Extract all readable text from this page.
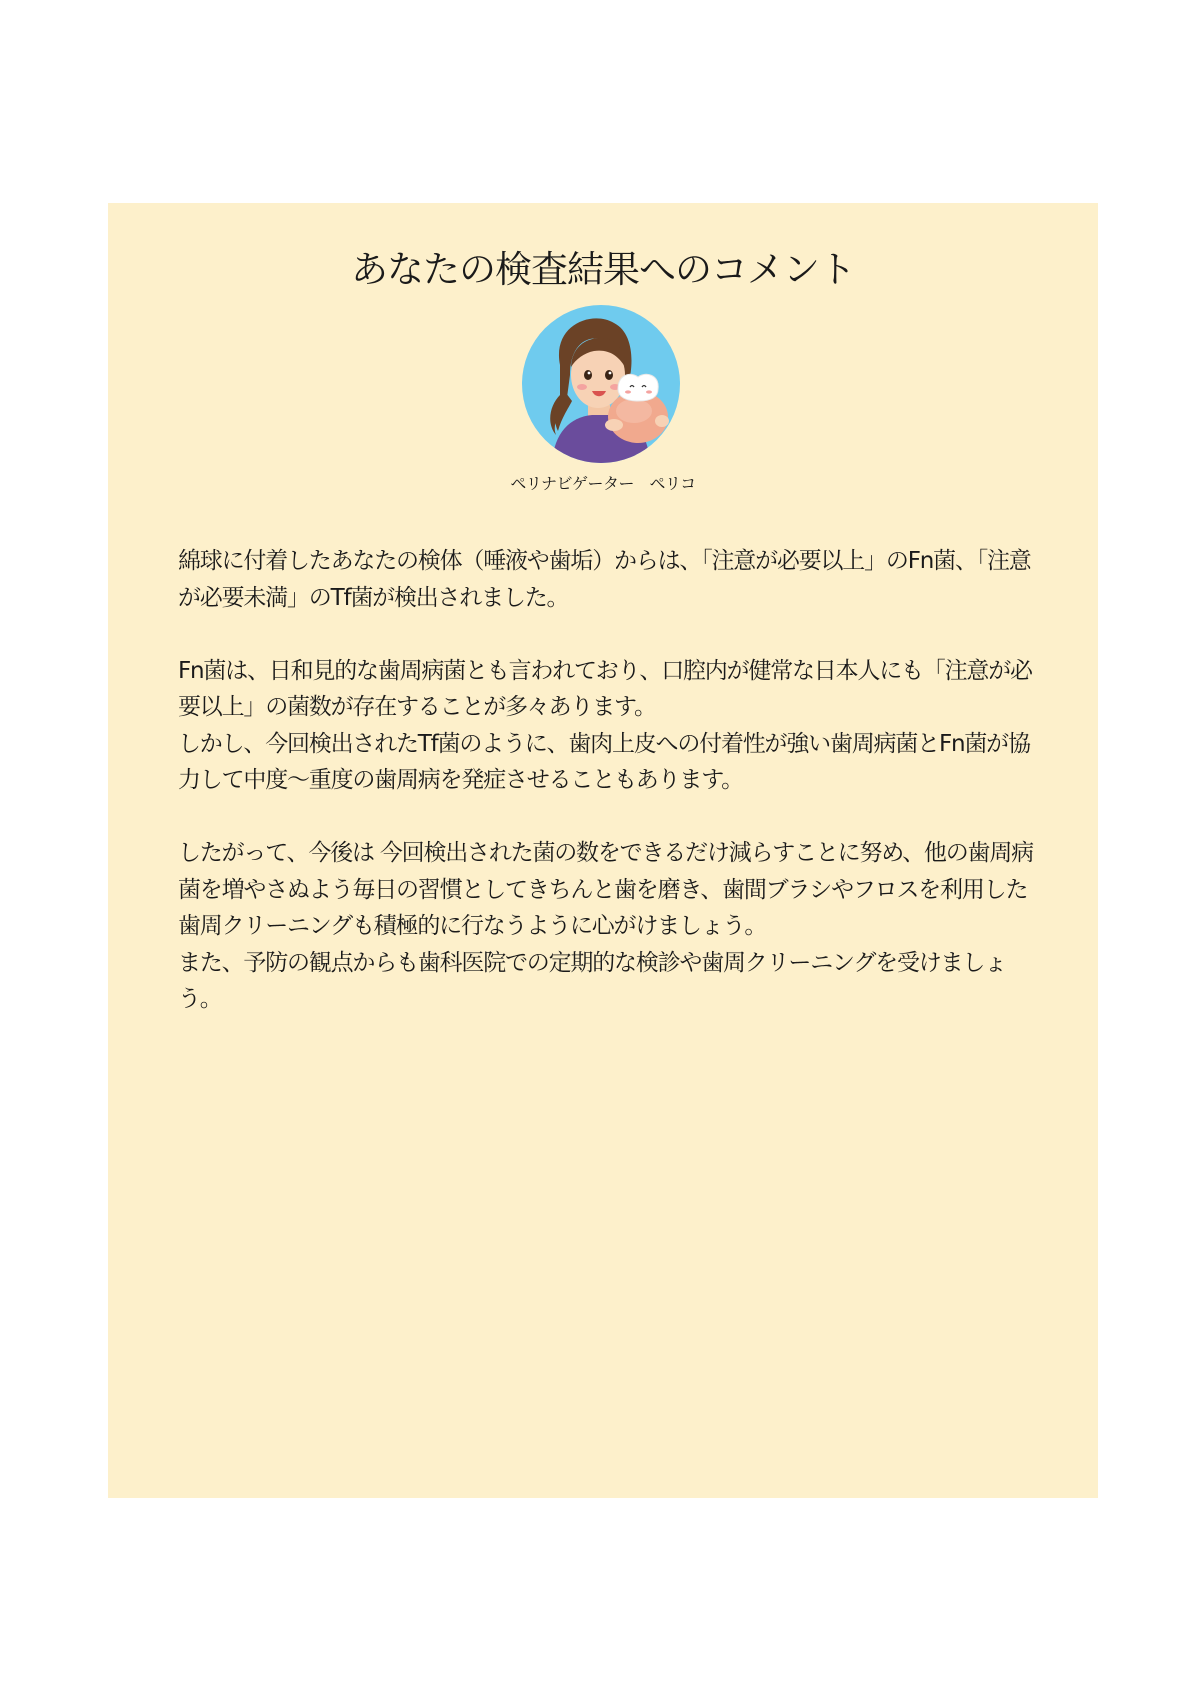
あなたの検査結果へのコメント
ペリナビゲーター　ペリコ

綿球に付着したあなたの検体（唾液や歯垢）からは、「注意が必要以上」のFn菌、「注意が必要未満」のTf菌が検出されました。

Fn菌は、日和見的な歯周病菌とも言われており、口腔内が健常な日本人にも「注意が必要以上」の菌数が存在することが多々あります。
しかし、今回検出されたTf菌のように、歯肉上皮への付着性が強い歯周病菌とFn菌が協力して中度～重度の歯周病を発症させることもあります。

したがって、今後は 今回検出された菌の数をできるだけ減らすことに努め、他の歯周病菌を増やさぬよう毎日の習慣としてきちんと歯を磨き、歯間ブラシやフロスを利用した歯周クリーニングも積極的に行なうように心がけましょう。
また、予防の観点からも歯科医院での定期的な検診や歯周クリーニングを受けましょう。
